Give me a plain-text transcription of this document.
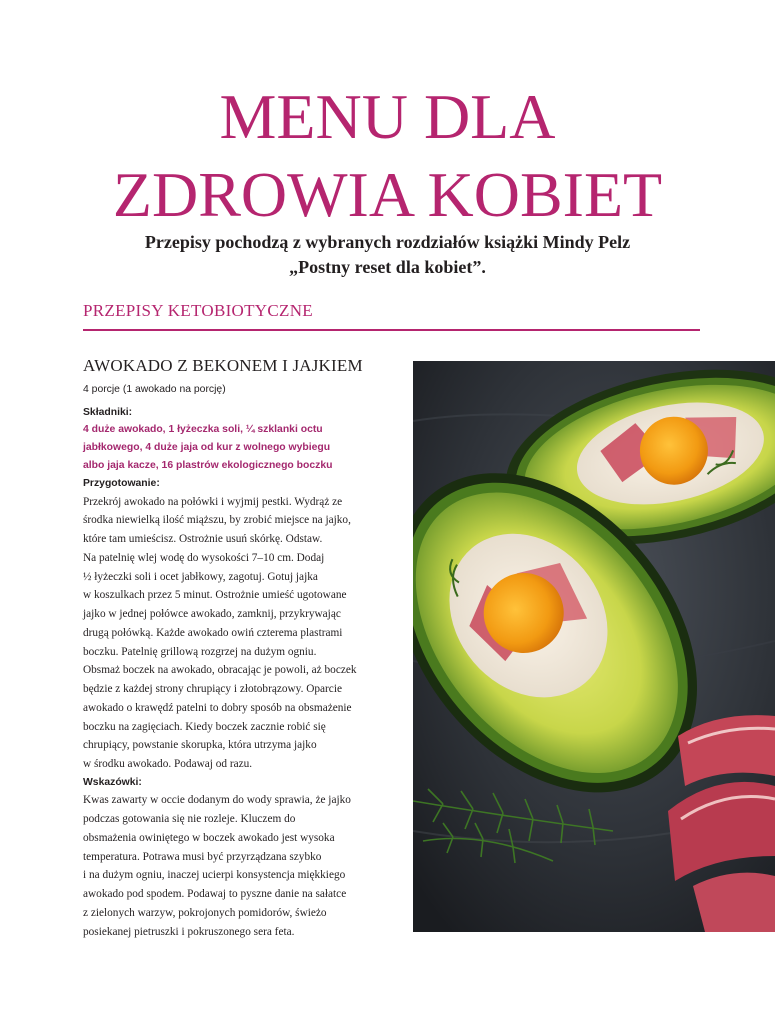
MENU DLA
ZDROWIA KOBIET
Przepisy pochodzą z wybranych rozdziałów książki Mindy Pelz
„Postny reset dla kobiet”.
PRZEPISY KETOBIOTYCZNE
AWOKADO Z BEKONEM I JAJKIEM
4 porcje (1 awokado na porcję)
Składniki:
4 duże awokado, 1 łyżeczka soli, ¼ szklanki octu
jabłkowego, 4 duże jaja od kur z wolnego wybiegu
albo jaja kacze, 16 plastrów ekologicznego boczku
Przygotowanie:
Przekrój awokado na połówki i wyjmij pestki. Wydrąż ze
środka niewielką ilość miąższu, by zrobić miejsce na jajko,
które tam umieścisz. Ostrożnie usuń skórkę. Odstaw.
Na patelnię wlej wodę do wysokości 7–10 cm. Dodaj
½ łyżeczki soli i ocet jabłkowy, zagotuj. Gotuj jajka
w koszulkach przez 5 minut. Ostrożnie umieść ugotowane
jajko w jednej połówce awokado, zamknij, przykrywając
drugą połówką. Każde awokado owiń czterema plastrami
boczku. Patelnię grillową rozgrzej na dużym ogniu.
Obsmaż boczek na awokado, obracając je powoli, aż boczek
będzie z każdej strony chrupiący i złotobrązowy. Oparcie
awokado o krawędź patelni to dobry sposób na obsmażenie
boczku na zagięciach. Kiedy boczek zacznie robić się
chrupiący, powstanie skorupka, która utrzyma jajko
w środku awokado. Podawaj od razu.
Wskazówki:
Kwas zawarty w occie dodanym do wody sprawia, że jajko
podczas gotowania się nie rozleje. Kluczem do
obsmażenia owiniętego w boczek awokado jest wysoka
temperatura. Potrawa musi być przyrządzana szybko
i na dużym ogniu, inaczej ucierpi konsystencja miękkiego
awokado pod spodem. Podawaj to pyszne danie na sałatce
z zielonych warzyw, pokrojonych pomidorów, świeżo
posiekanej pietruszki i pokruszonego sera feta.
